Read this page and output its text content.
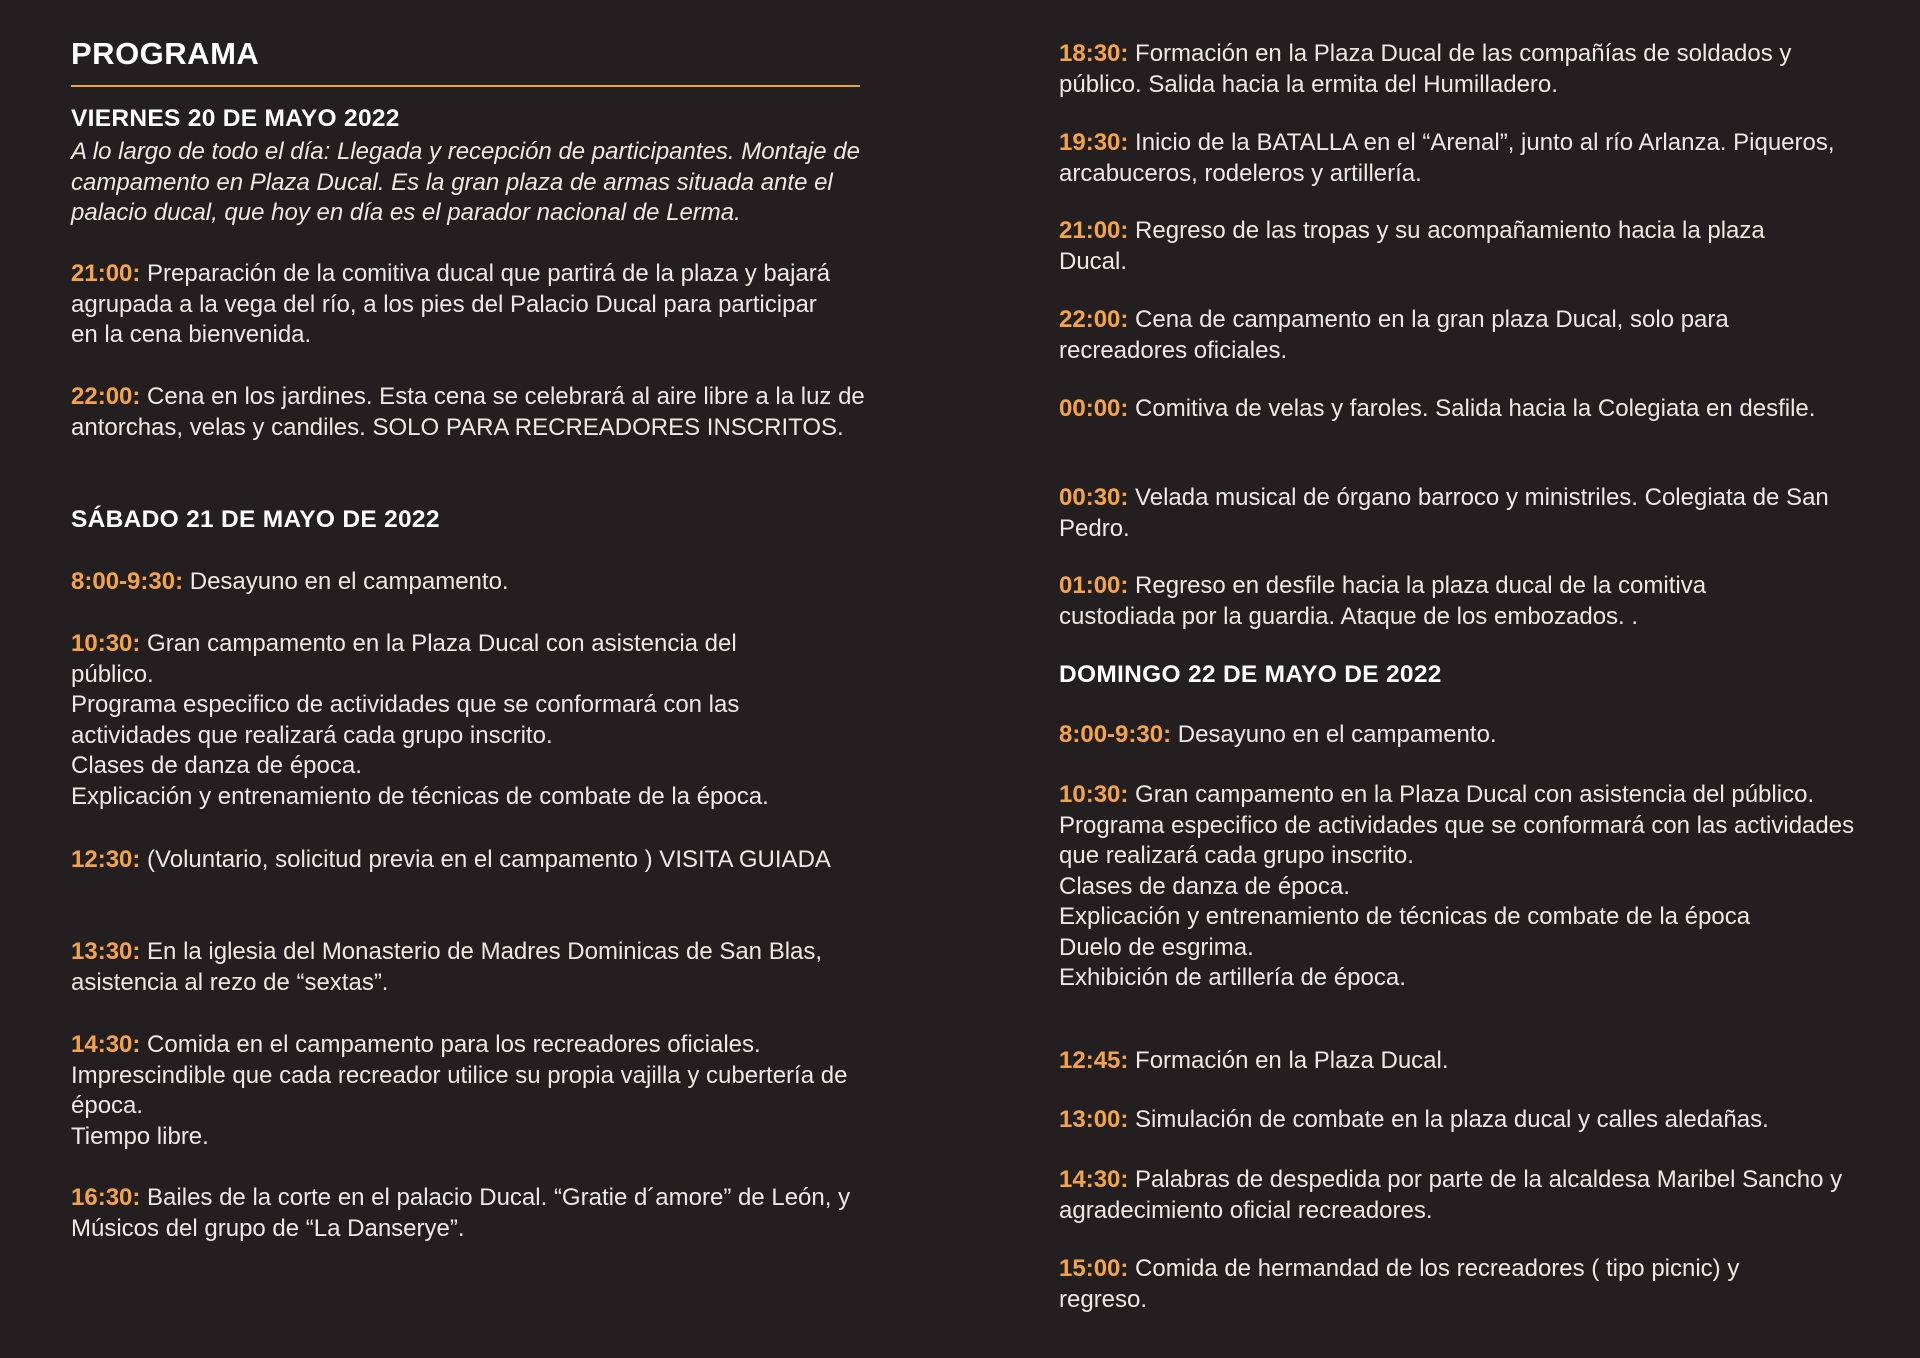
PROGRAMA
VIERNES 20 DE MAYO 2022
A lo largo de todo el día: Llegada y recepción de participantes. Montaje de campamento en Plaza Ducal. Es la gran plaza de armas situada ante el palacio ducal, que hoy en día es el parador nacional de Lerma.
21:00: Preparación de la comitiva ducal que partirá de la plaza y bajará agrupada a la vega del río, a los pies del Palacio Ducal para participar en la cena bienvenida.
22:00: Cena en los jardines. Esta cena se celebrará al aire libre a la luz de antorchas, velas y candiles. SOLO PARA RECREADORES INSCRITOS.
SÁBADO 21 DE MAYO DE 2022
8:00-9:30: Desayuno en el campamento.

10:30: Gran campamento en la Plaza Ducal con asistencia del público.

Programa especifico de actividades que se conformará con las actividades que realizará cada grupo inscrito.

Clases de danza de época.

Explicación y entrenamiento de técnicas de combate de la época.

12:30: (Voluntario, solicitud previa en el campamento ) VISITA GUIADA
13:30: En la iglesia del Monasterio de Madres Dominicas de San Blas, asistencia al rezo de “sextas”.

14:30: Comida en el campamento para los recreadores oficiales.

Imprescindible que cada recreador utilice su propia vajilla y cubertería de época.

Tiempo libre.

16:30: Bailes de la corte en el palacio Ducal. “Gratie d´amore” de León, y Músicos del grupo de “La Danserye”.
18:30: Formación en la Plaza Ducal de las compañías de soldados y público. Salida hacia la ermita del Humilladero.
19:30: Inicio de la BATALLA en el “Arenal”, junto al río Arlanza. Piqueros, arcabuceros, rodeleros y artillería.
21:00: Regreso de las tropas y su acompañamiento hacia la plaza Ducal.
22:00: Cena de campamento en la gran plaza Ducal, solo para recreadores oficiales.
00:00: Comitiva de velas y faroles. Salida hacia la Colegiata en desfile.
00:30: Velada musical de órgano barroco y ministriles. Colegiata de San Pedro.
01:00: Regreso en desfile hacia la plaza ducal de la comitiva custodiada por la guardia. Ataque de los embozados. .
DOMINGO 22 DE MAYO DE 2022
8:00-9:30: Desayuno en el campamento.

10:30: Gran campamento en la Plaza Ducal con asistencia del público.

Programa especifico de actividades que se conformará con las actividades que realizará cada grupo inscrito.

Clases de danza de época.

Explicación y entrenamiento de técnicas de combate de la época

Duelo de esgrima.

Exhibición de artillería de época.

12:45: Formación en la Plaza Ducal.
13:00: Simulación de combate en la plaza ducal y calles aledañas.
14:30: Palabras de despedida por parte de la alcaldesa Maribel Sancho y agradecimiento oficial recreadores.
15:00: Comida de hermandad de los recreadores ( tipo picnic) y regreso.
